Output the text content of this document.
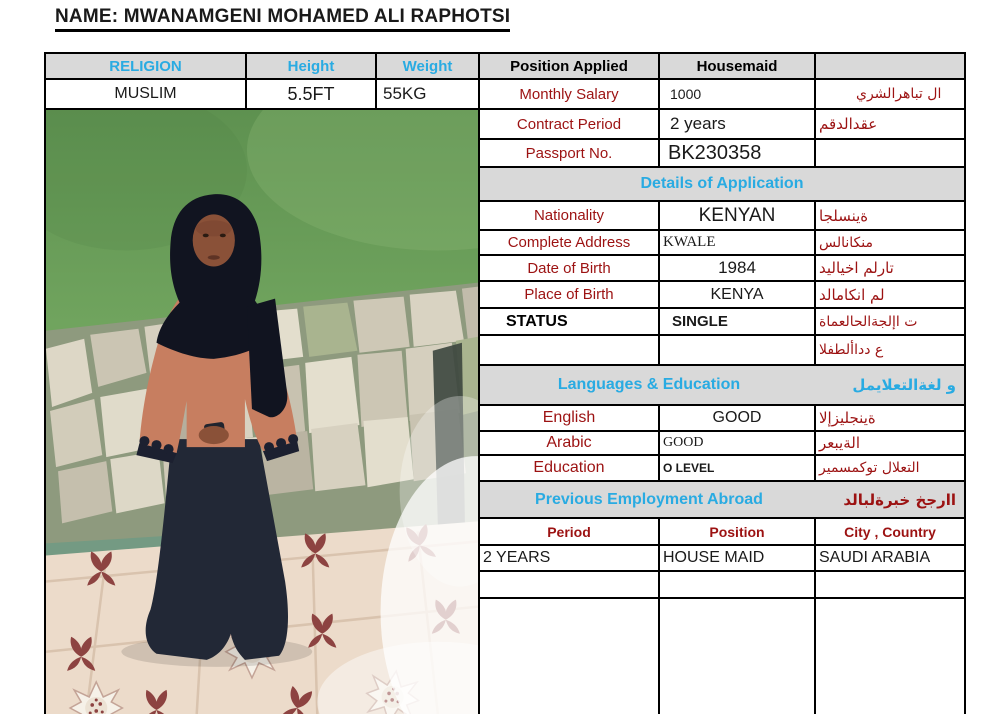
NAME: MWANAMGENI MOHAMED ALI RAPHOTSI
RELIGION	Height	Weight
MUSLIM	5.5FT	55KG

Position Applied	Housemaid	
Monthly Salary	1000	ال تباهرالشري
Contract Period	2 years	عقدالدقم
Passport No.	BK230358	

Details of Application		

Nationality	KENYAN	ةينسلجا
Complete Address	KWALE	منكانالس
Date of Birth	1984	تارلم اخياليد
Place of Birth	KENYA	لم انكامالد
STATUS	SINGLE	ت اإلجةالحالعماة
		ع دداألطفلا

Languages & Education و لغةالتعلايمل		

English	GOOD	ةينجليزإلا
Arabic	GOOD	الةيبعر
Education	O LEVEL	التعلال توكمسمير

Previous Employment Abroad اارجخ خبرةلبالد		

Period	Position	City , Country
2 YEARS	HOUSE MAID	SAUDI ARABIA
